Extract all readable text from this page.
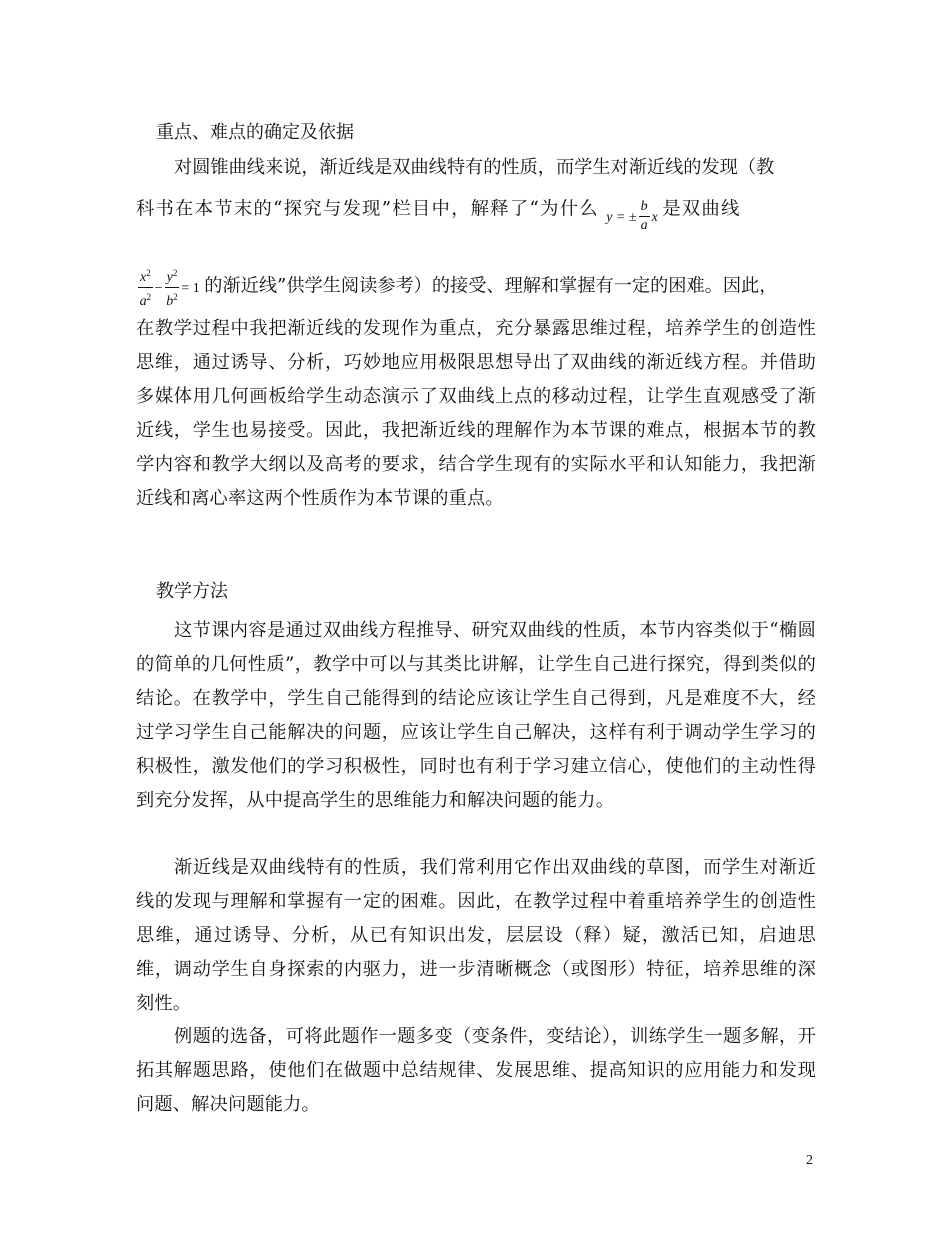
重点、难点的确定及依据
对圆锥曲线来说，渐近线是双曲线特有的性质，而学生对渐近线的发现（教
科书在本节末的“探究与发现”栏目中，解释了“为什么 y = ± $\frac{b}{a}$ x 是双曲线
$\frac{x^2}{a^2} - \frac{y^2}{b^2} = 1$ 的渐近线”供学生阅读参考）的接受、理解和掌握有一定的困难。因此，
在教学过程中我把渐近线的发现作为重点，充分暴露思维过程，培养学生的创造性思维，通过诱导、分析，巧妙地应用极限思想导出了双曲线的渐近线方程。并借助多媒体用几何画板给学生动态演示了双曲线上点的移动过程，让学生直观感受了渐近线，学生也易接受。因此，我把渐近线的理解作为本节课的难点，根据本节的教学内容和教学大纲以及高考的要求，结合学生现有的实际水平和认知能力，我把渐近线和离心率这两个性质作为本节课的重点。
教学方法
这节课内容是通过双曲线方程推导、研究双曲线的性质，本节内容类似于“椭圆的简单的几何性质”，教学中可以与其类比讲解，让学生自己进行探究，得到类似的结论。在教学中，学生自己能得到的结论应该让学生自己得到，凡是难度不大，经过学习学生自己能解决的问题，应该让学生自己解决，这样有利于调动学生学习的积极性，激发他们的学习积极性，同时也有利于学习建立信心，使他们的主动性得到充分发挥，从中提高学生的思维能力和解决问题的能力。
渐近线是双曲线特有的性质，我们常利用它作出双曲线的草图，而学生对渐近线的发现与理解和掌握有一定的困难。因此，在教学过程中着重培养学生的创造性思维，通过诱导、分析，从已有知识出发，层层设（释）疑，激活已知，启迪思维，调动学生自身探索的内驱力，进一步清晰概念（或图形）特征，培养思维的深刻性。
例题的选备，可将此题作一题多变（变条件，变结论），训练学生一题多解，开拓其解题思路，使他们在做题中总结规律、发展思维、提高知识的应用能力和发现问题、解决问题能力。
2
